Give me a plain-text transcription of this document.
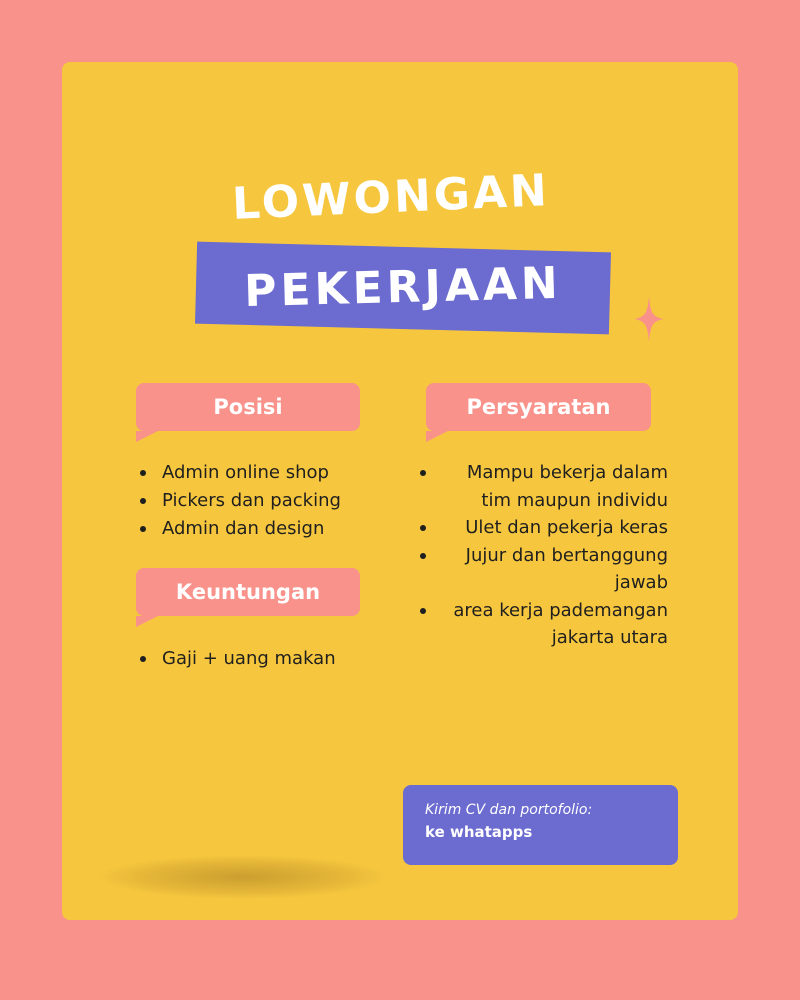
LOWONGAN
PEKERJAAN
Posisi
Admin online shop
Pickers dan packing
Admin dan design
Keuntungan
Gaji + uang makan
Persyaratan
Mampu bekerja dalam tim maupun individu
Ulet dan pekerja keras
Jujur dan bertanggung jawab
area kerja pademangan jakarta utara
Kirim CV dan portofolio:
ke whatapps
